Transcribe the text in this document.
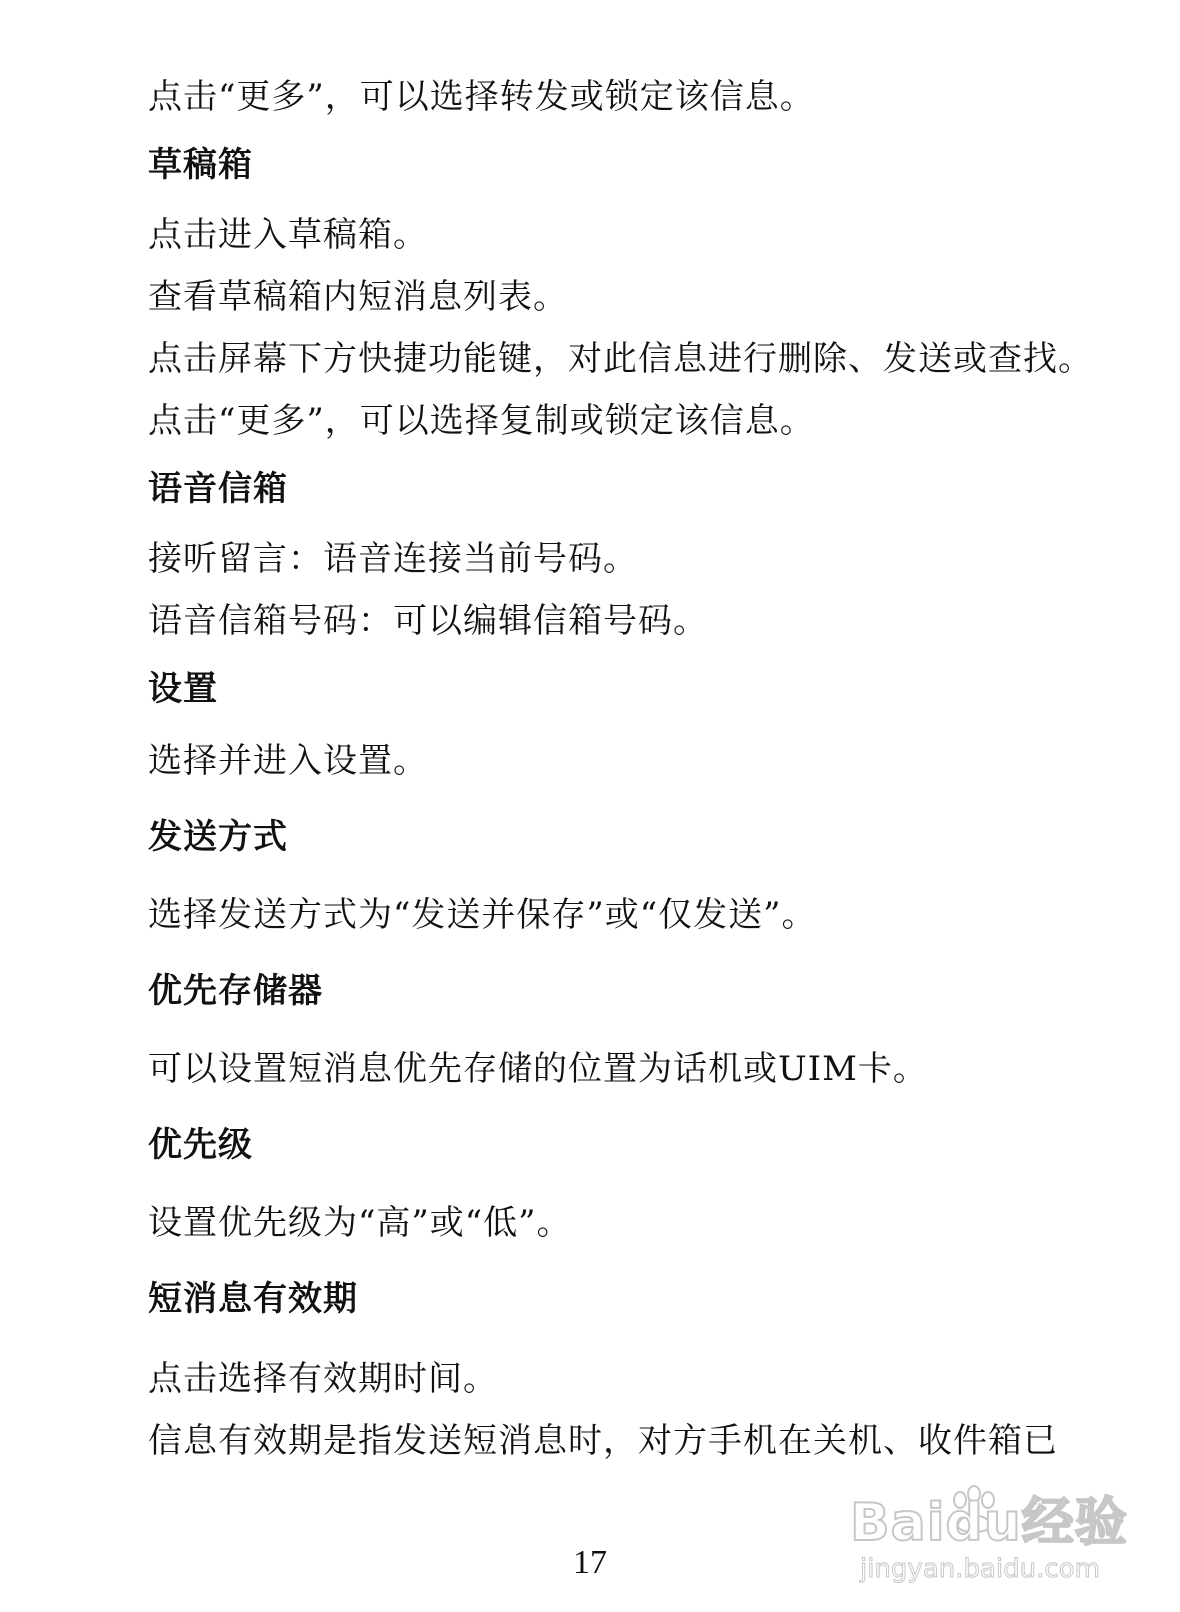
点击“更多”，可以选择转发或锁定该信息。
草稿箱
点击进入草稿箱。
查看草稿箱内短消息列表。
点击屏幕下方快捷功能键，对此信息进行删除、发送或查找。
点击“更多”，可以选择复制或锁定该信息。
语音信箱
接听留言：语音连接当前号码。
语音信箱号码：可以编辑信箱号码。
设置
选择并进入设置。
发送方式
选择发送方式为“发送并保存”或“仅发送”。
优先存储器
可以设置短消息优先存储的位置为话机或UIM卡。
优先级
设置优先级为“高”或“低”。
短消息有效期
点击选择有效期时间。
信息有效期是指发送短消息时，对方手机在关机、收件箱已
17
Baidu经验
jingyan.baidu.com
